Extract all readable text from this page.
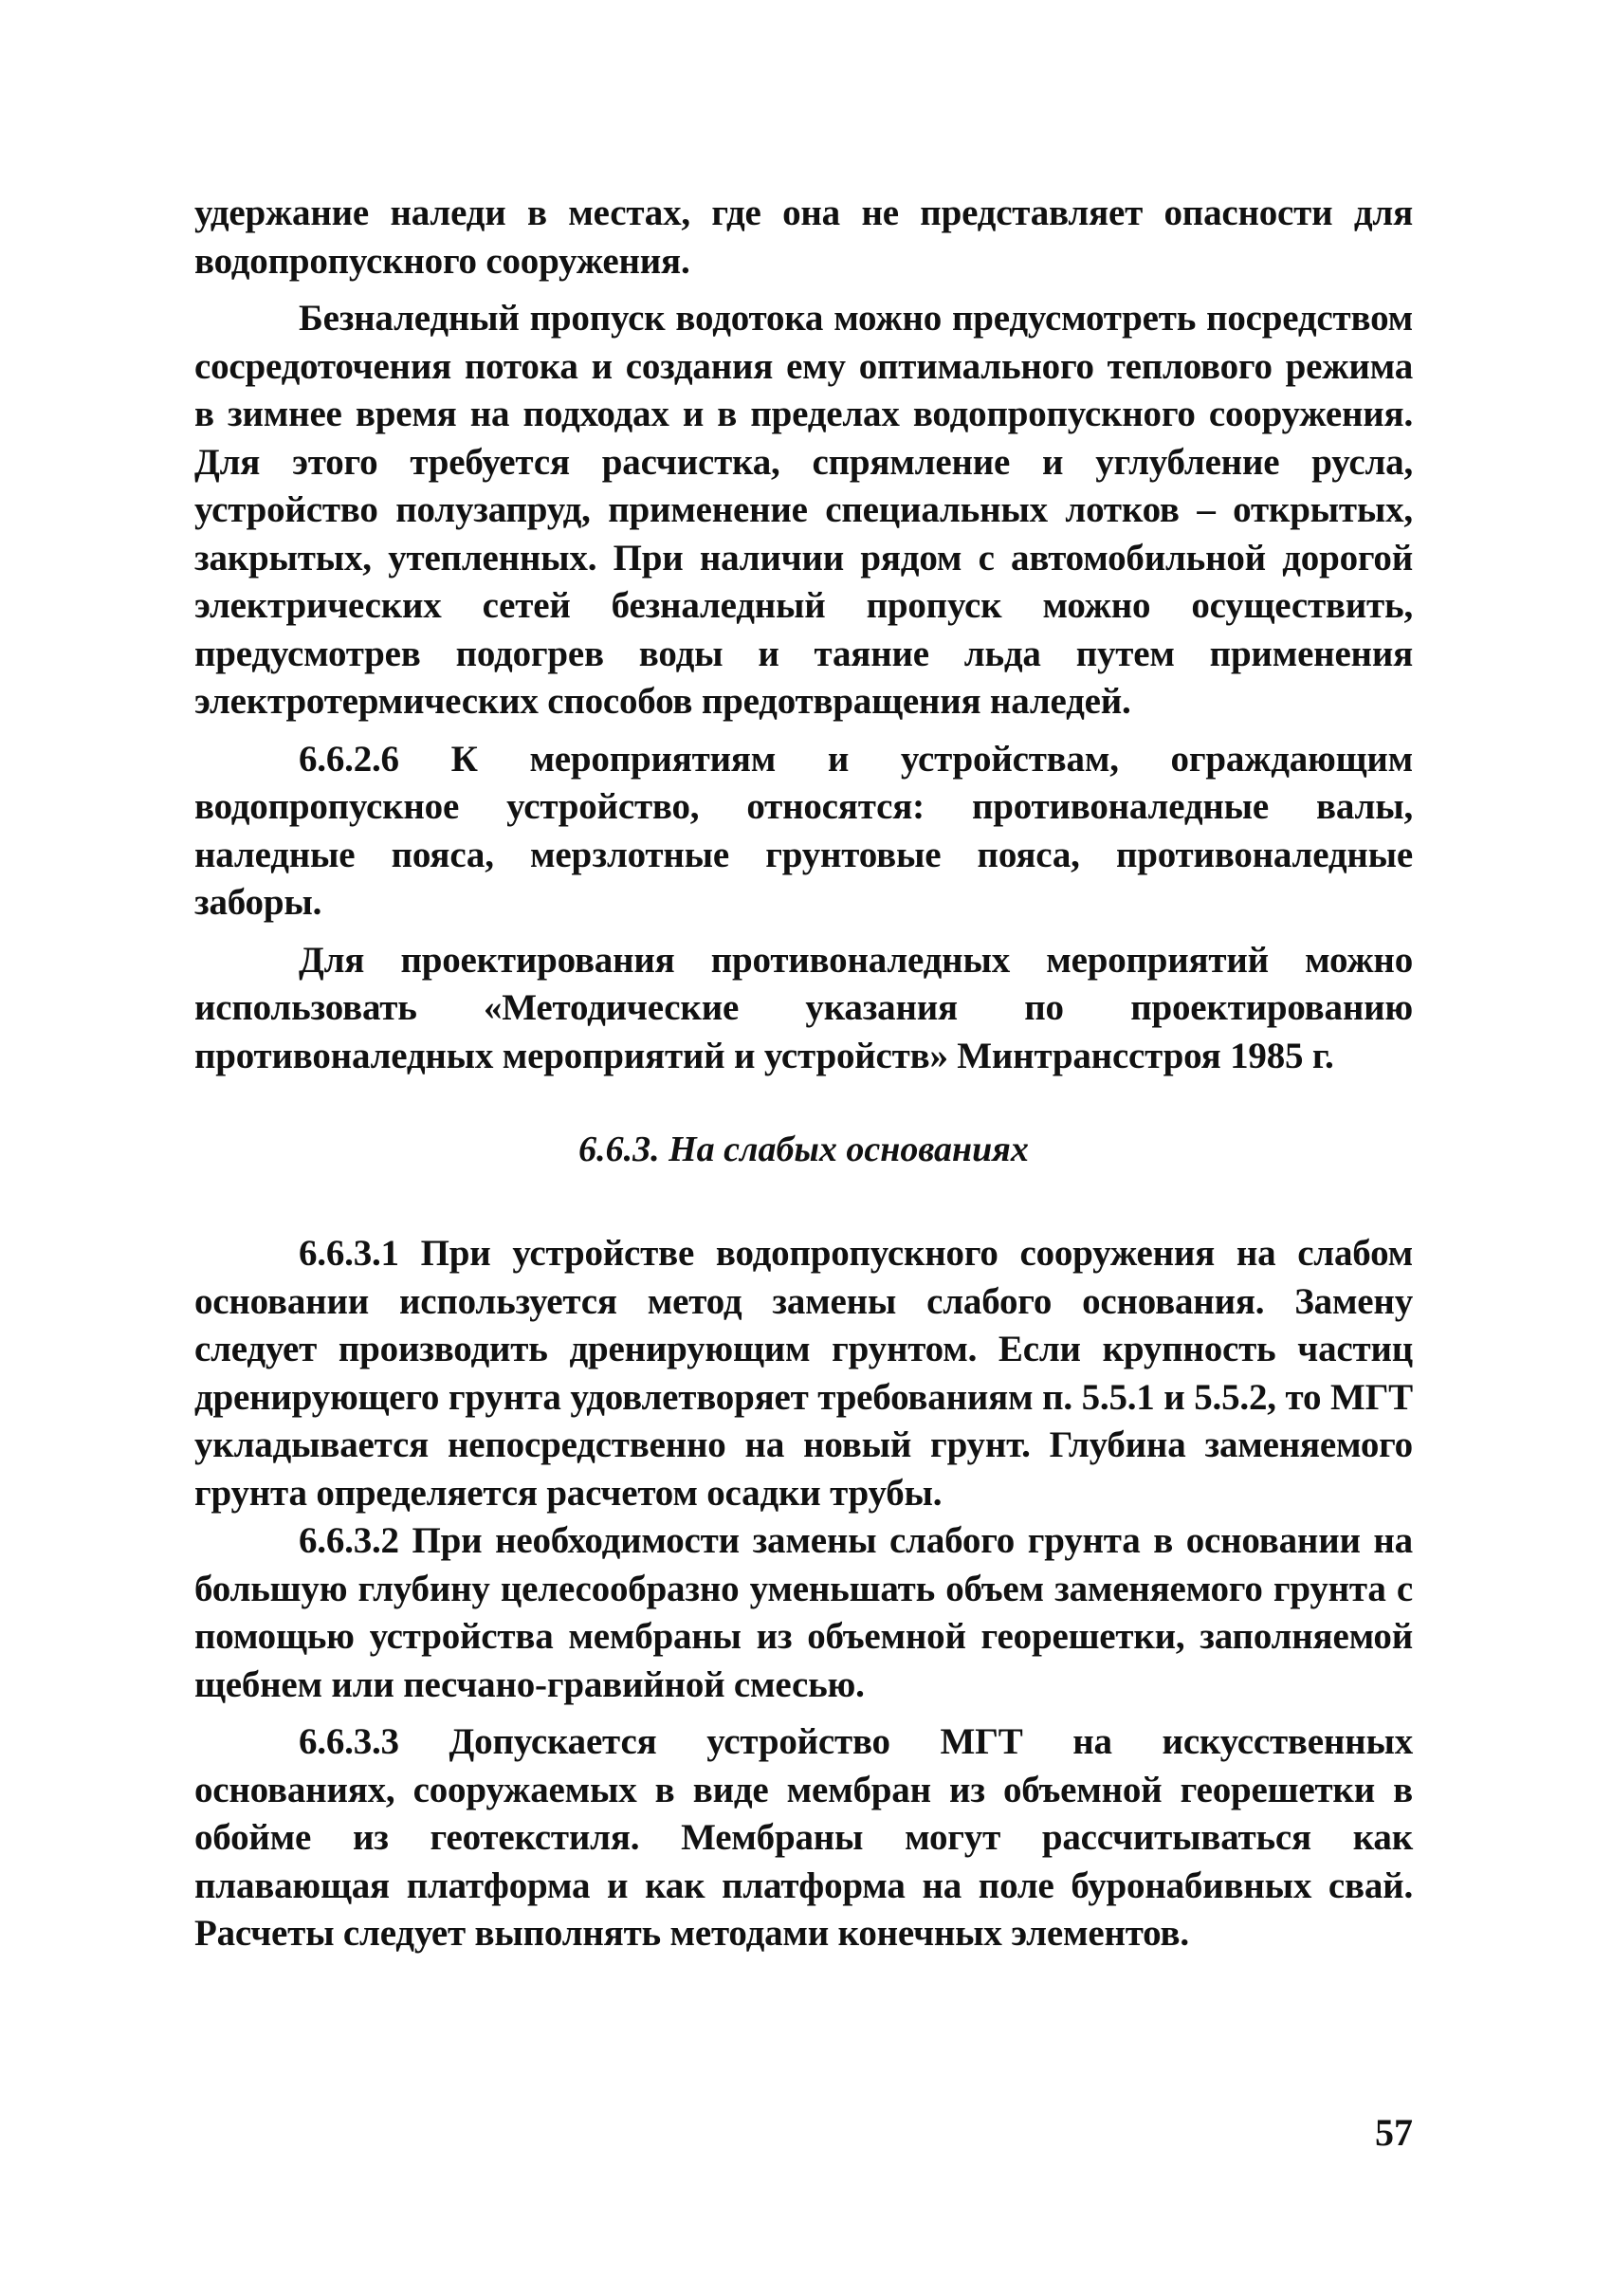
удержание наледи в местах, где она не представляет опасности для водопропускного сооружения.

Безналедный пропуск водотока можно предусмотреть посредством сосредоточения потока и создания ему оптимального теплового режима в зимнее время на подходах и в пределах водопропускного сооружения. Для этого требуется расчистка, спрямление и углубление русла, устройство полузапруд, применение специальных лотков – открытых, закрытых, утепленных. При наличии рядом с автомобильной дорогой электрических сетей безналедный пропуск можно осуществить, предусмотрев подогрев воды и таяние льда путем применения электротермических способов предотвращения наледей.

6.6.2.6 К мероприятиям и устройствам, ограждающим водопропускное устройство, относятся: противоналедные валы, наледные пояса, мерзлотные грунтовые пояса, противоналедные заборы.

Для проектирования противоналедных мероприятий можно использовать «Методические указания по проектированию противоналедных мероприятий и устройств» Минтрансстроя 1985 г.

6.6.3. На слабых основаниях

6.6.3.1 При устройстве водопропускного сооружения на слабом основании используется метод замены слабого основания. Замену следует производить дренирующим грунтом. Если крупность частиц дренирующего грунта удовлетворяет требованиям п. 5.5.1 и 5.5.2, то МГТ укладывается непосредственно на новый грунт. Глубина заменяемого грунта определяется расчетом осадки трубы.

6.6.3.2 При необходимости замены слабого грунта в основании на большую глубину целесообразно уменьшать объем заменяемого грунта с помощью устройства мембраны из объемной георешетки, заполняемой щебнем или песчано-гравийной смесью.

6.6.3.3 Допускается устройство МГТ на искусственных основаниях, сооружаемых в виде мембран из объемной георешетки в обойме из геотекстиля. Мембраны могут рассчитываться как плавающая платформа и как платформа на поле буронабивных свай. Расчеты следует выполнять методами конечных элементов.

57
